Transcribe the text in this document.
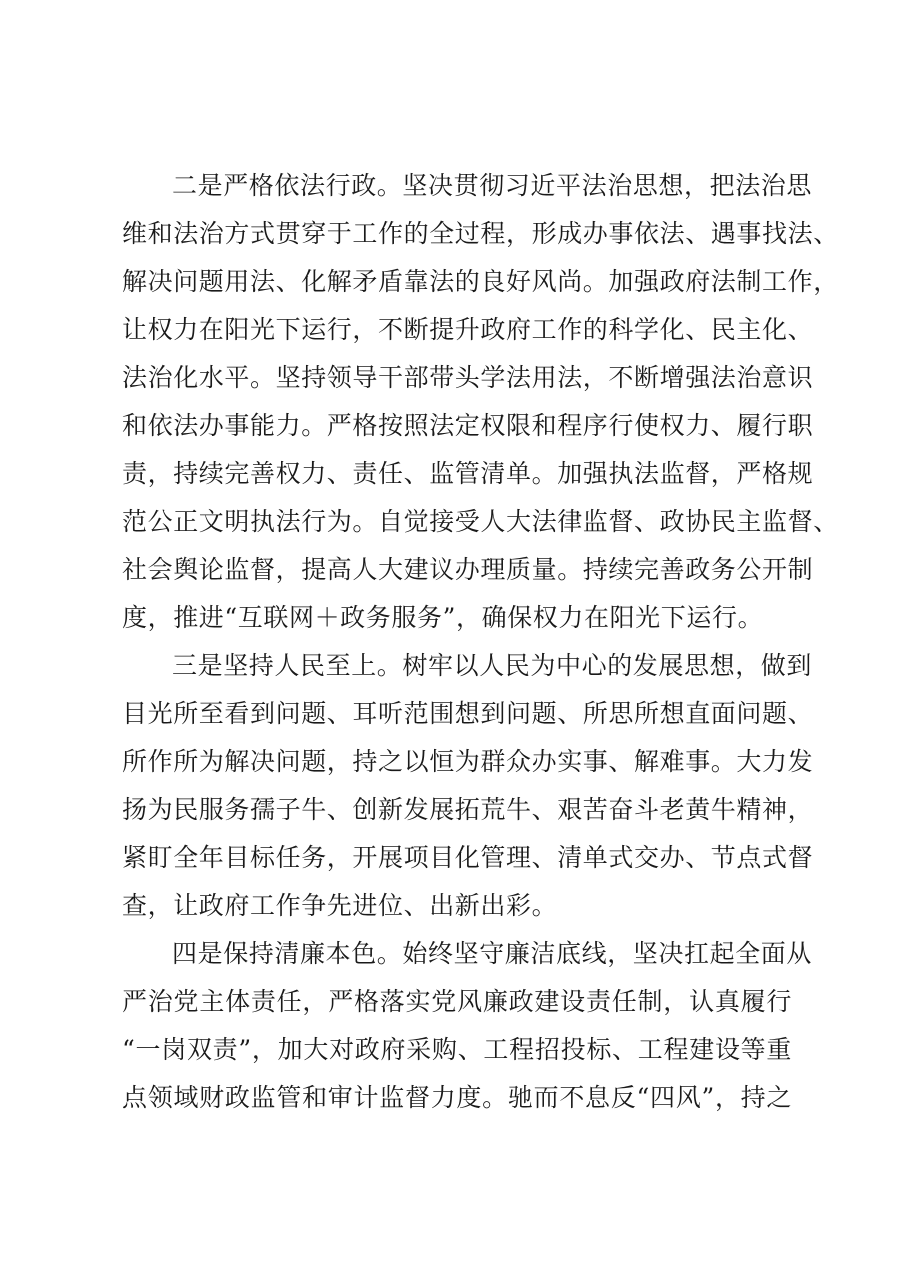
二是严格依法行政。坚决贯彻习近平法治思想，把法治思
维和法治方式贯穿于工作的全过程，形成办事依法、遇事找法、
解决问题用法、化解矛盾靠法的良好风尚。加强政府法制工作，
让权力在阳光下运行，不断提升政府工作的科学化、民主化、
法治化水平。坚持领导干部带头学法用法，不断增强法治意识
和依法办事能力。严格按照法定权限和程序行使权力、履行职
责，持续完善权力、责任、监管清单。加强执法监督，严格规
范公正文明执法行为。自觉接受人大法律监督、政协民主监督、
社会舆论监督，提高人大建议办理质量。持续完善政务公开制
度，推进“互联网＋政务服务”，确保权力在阳光下运行。
三是坚持人民至上。树牢以人民为中心的发展思想，做到
目光所至看到问题、耳听范围想到问题、所思所想直面问题、
所作所为解决问题，持之以恒为群众办实事、解难事。大力发
扬为民服务孺子牛、创新发展拓荒牛、艰苦奋斗老黄牛精神，
紧盯全年目标任务，开展项目化管理、清单式交办、节点式督
查，让政府工作争先进位、出新出彩。
四是保持清廉本色。始终坚守廉洁底线，坚决扛起全面从
严治党主体责任，严格落实党风廉政建设责任制，认真履行
“一岗双责”，加大对政府采购、工程招投标、工程建设等重
点领域财政监管和审计监督力度。驰而不息反“四风”，持之
